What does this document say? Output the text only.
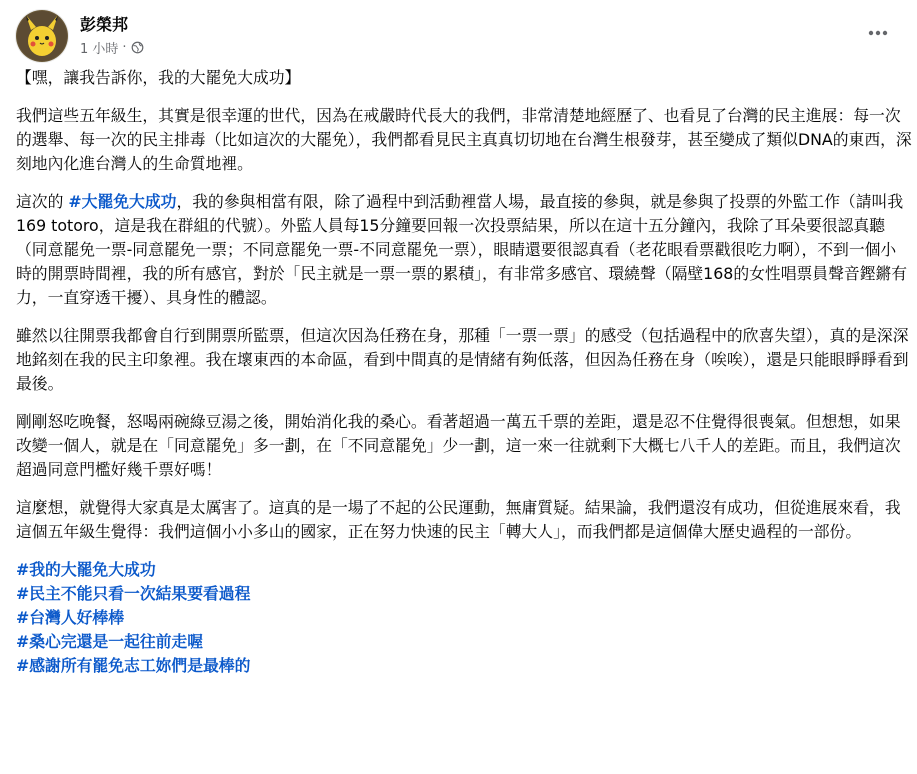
彭榮邦
1 小時 ·
【嘿，讓我告訴你，我的大罷免大成功】
我們這些五年級生，其實是很幸運的世代，因為在戒嚴時代長大的我們，非常清楚地經歷了、也看見了台灣的民主進展：每一次的選舉、每一次的民主排毒（比如這次的大罷免），我們都看見民主真真切切地在台灣生根發芽，甚至變成了類似DNA的東西，深刻地內化進台灣人的生命質地裡。
這次的 #大罷免大成功，我的參與相當有限，除了過程中到活動裡當人場，最直接的參與，就是參與了投票的外監工作（請叫我 169 totoro，這是我在群組的代號）。外監人員每15分鐘要回報一次投票結果，所以在這十五分鐘內，我除了耳朵要很認真聽（同意罷免一票-同意罷免一票；不同意罷免一票-不同意罷免一票），眼睛還要很認真看（老花眼看票戳很吃力啊），不到一個小時的開票時間裡，我的所有感官，對於「民主就是一票一票的累積」，有非常多感官、環繞聲（隔壁168的女性唱票員聲音鏗鏘有力，一直穿透干擾）、具身性的體認。
雖然以往開票我都會自行到開票所監票，但這次因為任務在身，那種「一票一票」的感受（包括過程中的欣喜失望），真的是深深地銘刻在我的民主印象裡。我在壞東西的本命區，看到中間真的是情緒有夠低落，但因為任務在身（唉唉），還是只能眼睜睜看到最後。
剛剛怒吃晚餐，怒喝兩碗綠豆湯之後，開始消化我的桑心。看著超過一萬五千票的差距，還是忍不住覺得很喪氣。但想想，如果改變一個人，就是在「同意罷免」多一劃，在「不同意罷免」少一劃，這一來一往就剩下大概七八千人的差距。而且，我們這次超過同意門檻好幾千票好嗎！
這麼想，就覺得大家真是太厲害了。這真的是一場了不起的公民運動，無庸質疑。結果論，我們還沒有成功，但從進展來看，我這個五年級生覺得：我們這個小小多山的國家，正在努力快速的民主「轉大人」，而我們都是這個偉大歷史過程的一部份。
#我的大罷免大成功
#民主不能只看一次結果要看過程
#台灣人好棒棒
#桑心完還是一起往前走喔
#感謝所有罷免志工妳們是最棒的
